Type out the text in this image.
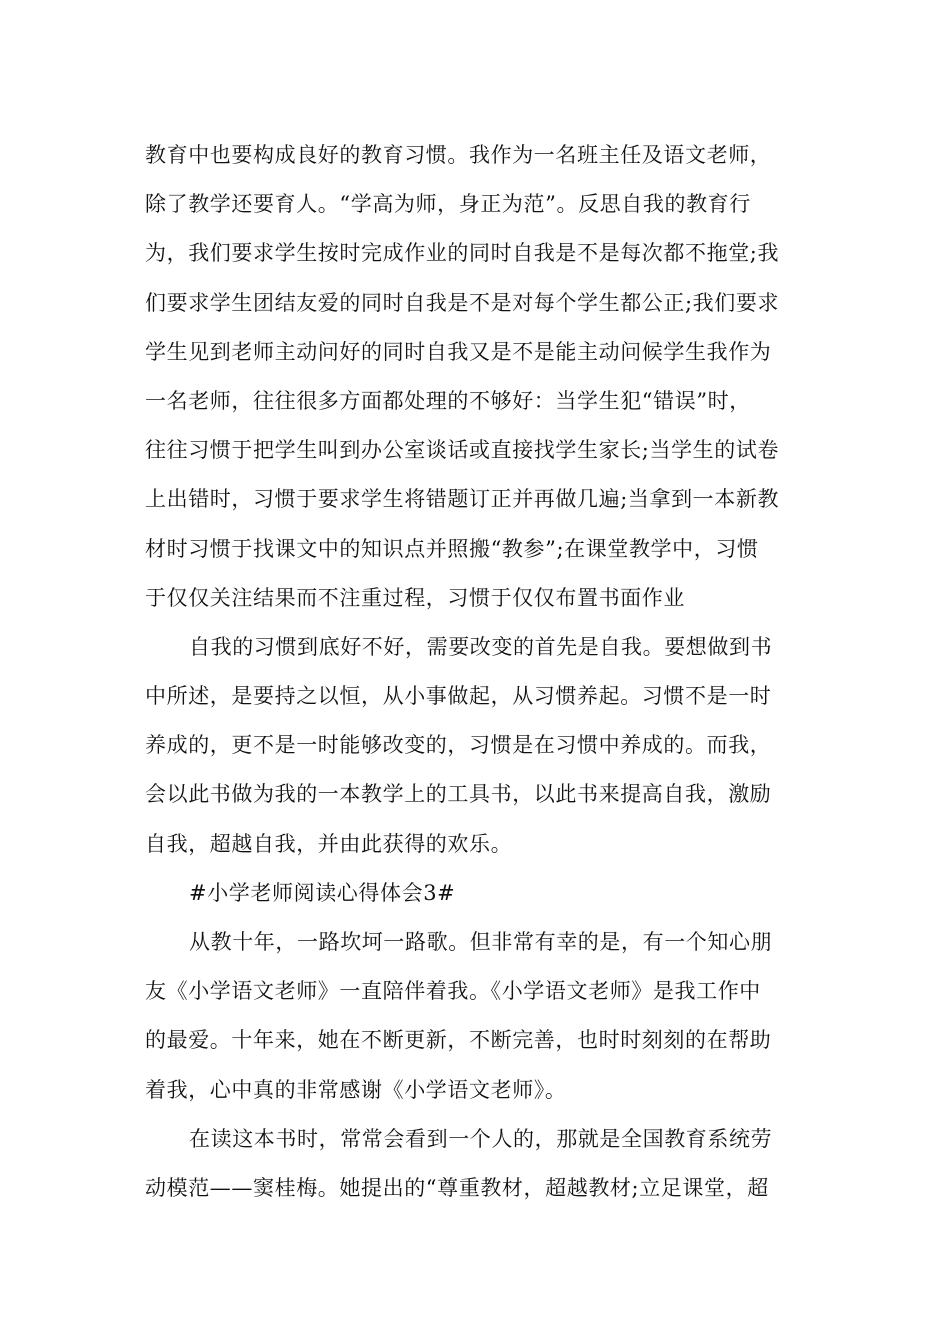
教育中也要构成良好的教育习惯。我作为一名班主任及语文老师，
除了教学还要育人。“学高为师，身正为范”。反思自我的教育行
为，我们要求学生按时完成作业的同时自我是不是每次都不拖堂;我
们要求学生团结友爱的同时自我是不是对每个学生都公正;我们要求
学生见到老师主动问好的同时自我又是不是能主动问候学生我作为
一名老师，往往很多方面都处理的不够好：当学生犯“错误”时，
往往习惯于把学生叫到办公室谈话或直接找学生家长;当学生的试卷
上出错时，习惯于要求学生将错题订正并再做几遍;当拿到一本新教
材时习惯于找课文中的知识点并照搬“教参”;在课堂教学中，习惯
于仅仅关注结果而不注重过程，习惯于仅仅布置书面作业
自我的习惯到底好不好，需要改变的首先是自我。要想做到书
中所述，是要持之以恒，从小事做起，从习惯养起。习惯不是一时
养成的，更不是一时能够改变的，习惯是在习惯中养成的。而我，
会以此书做为我的一本教学上的工具书，以此书来提高自我，激励
自我，超越自我，并由此获得的欢乐。
#小学老师阅读心得体会3#
从教十年，一路坎坷一路歌。但非常有幸的是，有一个知心朋
友《小学语文老师》一直陪伴着我。《小学语文老师》是我工作中
的最爱。十年来，她在不断更新，不断完善，也时时刻刻的在帮助
着我，心中真的非常感谢《小学语文老师》。
在读这本书时，常常会看到一个人的，那就是全国教育系统劳
动模范——窦桂梅。她提出的“尊重教材，超越教材;立足课堂，超
